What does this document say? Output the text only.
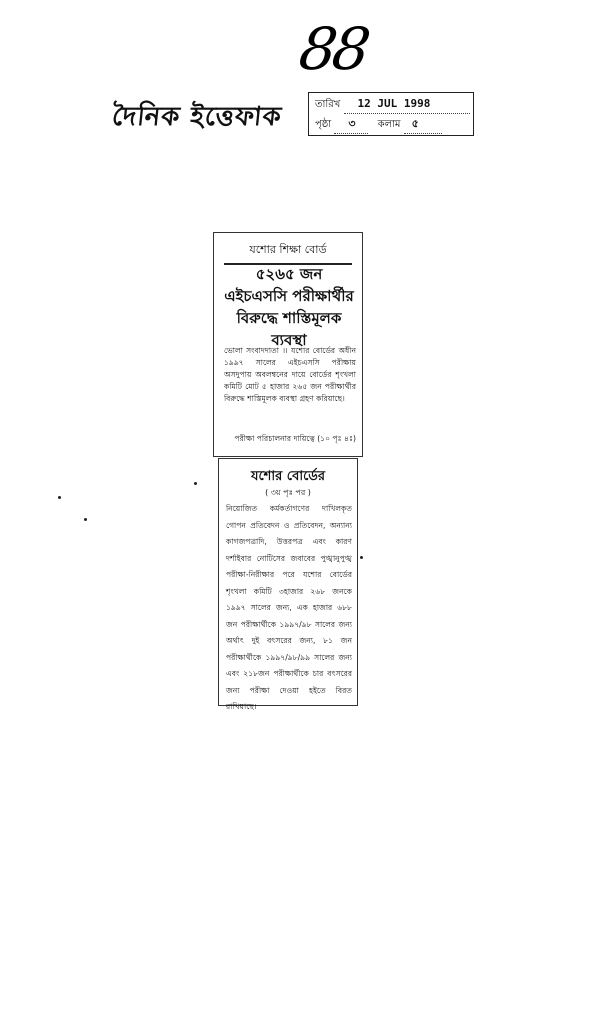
88
দৈনিক ইত্তেফাক	তারিখ 12 JUL 1998
পৃষ্ঠা ৩ কলাম ৫
যশোর শিক্ষা বোর্ড
৫২৬৫ জন এইচএসসি পরীক্ষার্থীর বিরুদ্ধে শাস্তিমূলক ব্যবস্থা
ভোলা সংবাদদাতা ।। যশোর বোর্ডের অধীন ১৯৯৭ সালের এইচএসসি পরীক্ষায় অসদুপায় অবলম্বনের দায়ে বোর্ডের শৃংখলা কমিটি মোট ৫ হাজার ২৬৫ জন পরীক্ষার্থীর বিরুদ্ধে শাস্তিমূলক ব্যবস্থা গ্রহণ করিয়াছে।
পরীক্ষা পরিচালনার দায়িত্বে (১০ পৃঃ ৪ঃ)
যশোর বোর্ডের
( ৩য় পৃঃ পর )
নিয়োজিত কর্মকর্তাগণের দাখিলকৃত গোপন প্রতিবেদন ও প্রতিবেদন, অন্যান্য কাগজপত্রাদি, উত্তরপত্র এবং কারণ দর্শাইবার নোটিসের জবাবের পুঙ্খানুপুঙ্খ পরীক্ষা-নিরীক্ষার পরে যশোর বোর্ডের শৃংখলা কমিটি ৩হাজার ২৬৮ জনকে ১৯৯৭ সালের জন্য, এক হাজার ৬৮৮ জন পরীক্ষার্থীকে ১৯৯৭/৯৮ সালের জন্য অর্থাৎ দুই বৎসরের জন্য, ৮১ জন পরীক্ষার্থীকে ১৯৯৭/৯৮/৯৯ সালের জন্য এবং ২১৮জন পরীক্ষার্থীকে চার বৎসরের জন্য পরীক্ষা দেওয়া হইতে বিরত রাখিয়াছে।
